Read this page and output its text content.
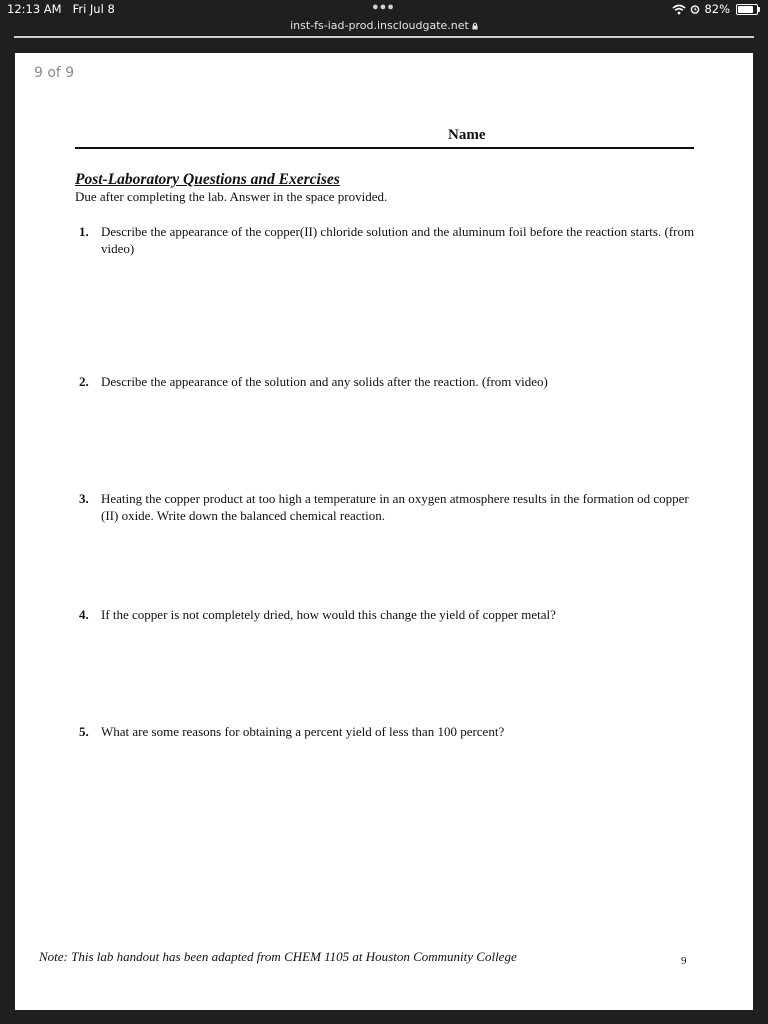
12:13 AM Fri Jul 8	●●●	82%
inst-fs-iad-prod.inscloudgate.net
9 of 9
Name
Post-Laboratory Questions and Exercises
Due after completing the lab. Answer in the space provided.
1. Describe the appearance of the copper(II) chloride solution and the aluminum foil before the reaction starts. (from video)
2. Describe the appearance of the solution and any solids after the reaction. (from video)
3. Heating the copper product at too high a temperature in an oxygen atmosphere results in the formation od copper (II) oxide. Write down the balanced chemical reaction.
4. If the copper is not completely dried, how would this change the yield of copper metal?
5. What are some reasons for obtaining a percent yield of less than 100 percent?
Note: This lab handout has been adapted from CHEM 1105 at Houston Community College	9
